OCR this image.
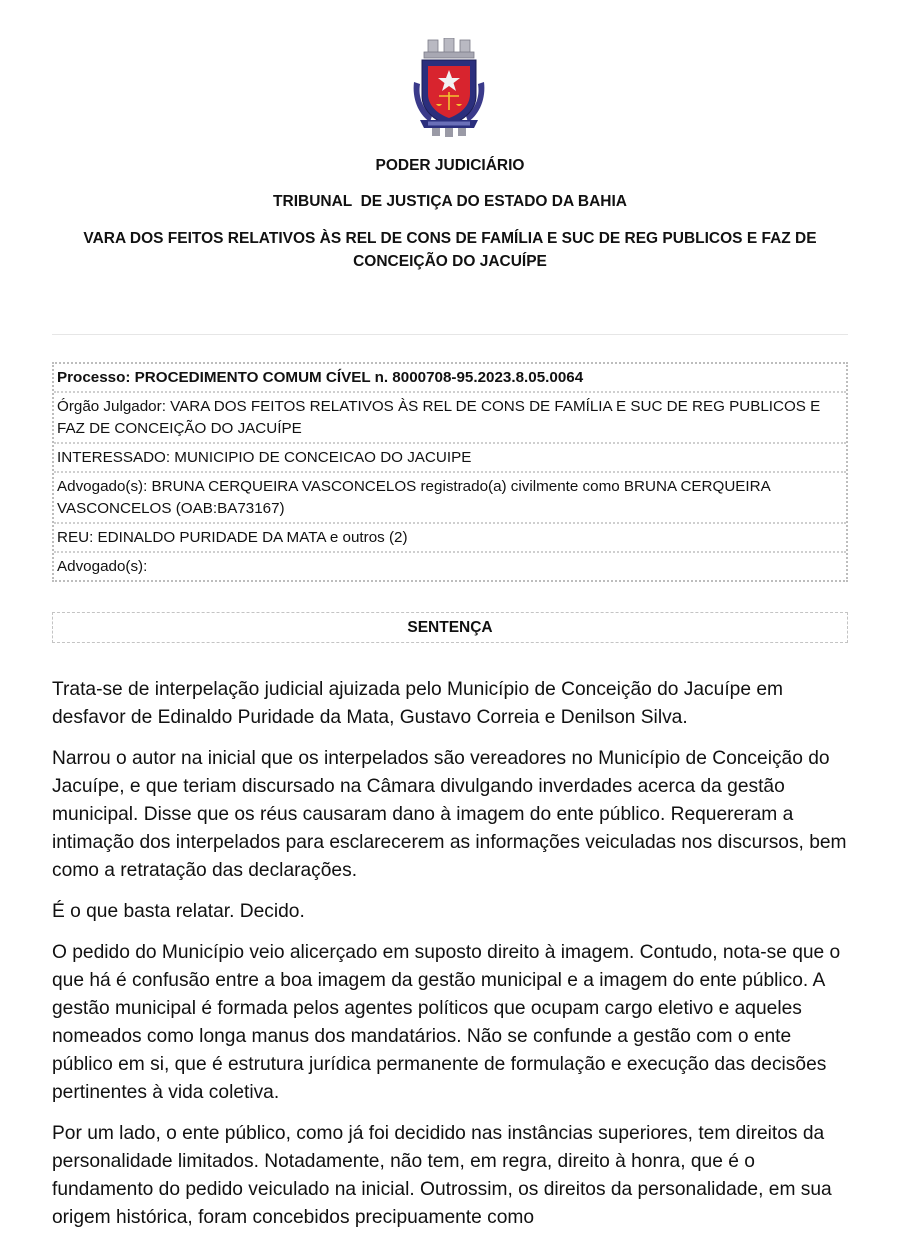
PODER JUDICIÁRIO
TRIBUNAL  DE JUSTIÇA DO ESTADO DA BAHIA
VARA DOS FEITOS RELATIVOS ÀS REL DE CONS DE FAMÍLIA E SUC DE REG PUBLICOS E FAZ DE CONCEIÇÃO DO JACUÍPE
Processo: PROCEDIMENTO COMUM CÍVEL n. 8000708-95.2023.8.05.0064
Órgão Julgador: VARA DOS FEITOS RELATIVOS ÀS REL DE CONS DE FAMÍLIA E SUC DE REG PUBLICOS E FAZ DE CONCEIÇÃO DO JACUÍPE
INTERESSADO: MUNICIPIO DE CONCEICAO DO JACUIPE
Advogado(s): BRUNA CERQUEIRA VASCONCELOS registrado(a) civilmente como BRUNA CERQUEIRA VASCONCELOS (OAB:BA73167)
REU: EDINALDO PURIDADE DA MATA e outros (2)
Advogado(s):
SENTENÇA

Trata-se de interpelação judicial ajuizada pelo Município de Conceição do Jacuípe em desfavor de Edinaldo Puridade da Mata, Gustavo Correia e Denilson Silva.

Narrou o autor na inicial que os interpelados são vereadores no Município de Conceição do Jacuípe, e que teriam discursado na Câmara divulgando inverdades acerca da gestão municipal. Disse que os réus causaram dano à imagem do ente público. Requereram a intimação dos interpelados para esclarecerem as informações veiculadas nos discursos, bem como a retratação das declarações.

É o que basta relatar. Decido.

O pedido do Município veio alicerçado em suposto direito à imagem. Contudo, nota-se que o que há é confusão entre a boa imagem da gestão municipal e a imagem do ente público. A gestão municipal é formada pelos agentes políticos que ocupam cargo eletivo e aqueles nomeados como longa manus dos mandatários. Não se confunde a gestão com o ente público em si, que é estrutura jurídica permanente de formulação e execução das decisões pertinentes à vida coletiva.

Por um lado, o ente público, como já foi decidido nas instâncias superiores, tem direitos da personalidade limitados. Notadamente, não tem, em regra, direito à honra, que é o fundamento do pedido veiculado na inicial. Outrossim, os direitos da personalidade, em sua origem histórica, foram concebidos precipuamente como
